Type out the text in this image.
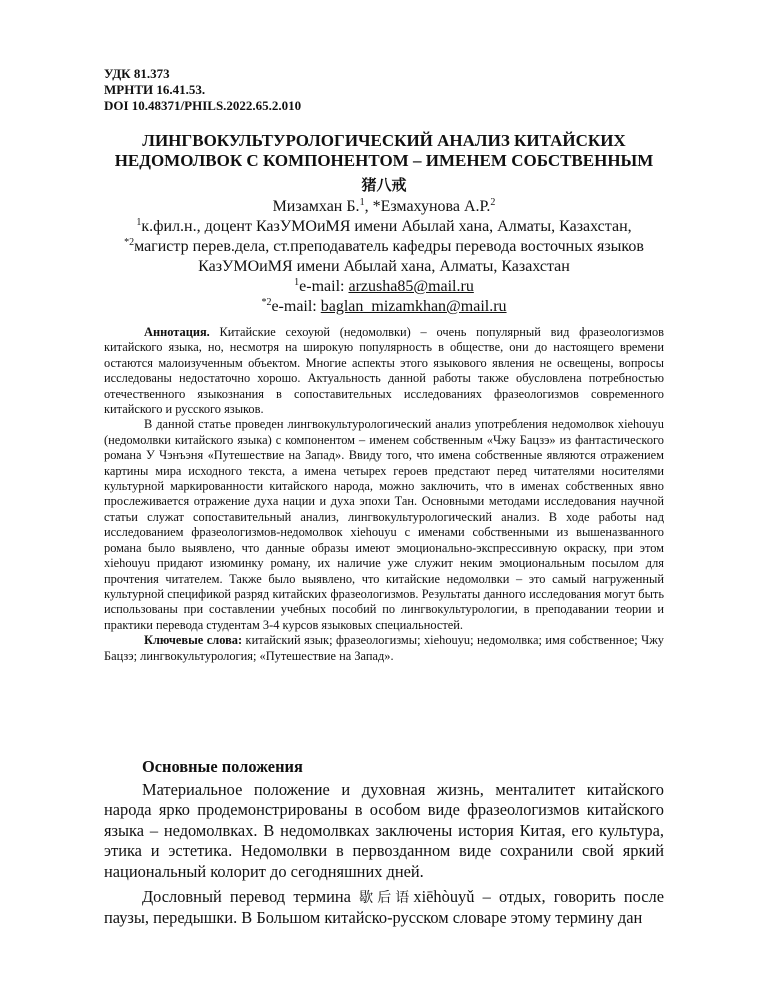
УДК 81.373
МРНТИ 16.41.53.
DOI 10.48371/PHILS.2022.65.2.010
ЛИНГВОКУЛЬТУРОЛОГИЧЕСКИЙ АНАЛИЗ КИТАЙСКИХ
НЕДОМОЛВОК С КОМПОНЕНТОМ – ИМЕНЕМ СОБСТВЕННЫМ
猪八戒
Мизамхан Б.$^1$, *Езмахунова А.Р.$^2$
$^1$к.фил.н., доцент КазУМОиМЯ имени Абылай хана, Алматы, Казахстан,
$^{*2}$магистр перев.дела, ст.преподаватель кафедры перевода восточных языков
КазУМОиМЯ имени Абылай хана, Алматы, Казахстан
$^1$e-mail: arzusha85@mail.ru
$^{*2}$e-mail: baglan_mizamkhan@mail.ru

Аннотация. Китайские сехоуюй (недомолвки) – очень популярный вид фразеологизмов китайского языка, но, несмотря на широкую популярность в обществе, они до настоящего времени остаются малоизученным объектом. Многие аспекты этого языкового явления не освещены, вопросы исследованы недостаточно хорошо. Актуальность данной работы также обусловлена потребностью отечественного языкознания в сопоставительных исследованиях фразеологизмов современного китайского и русского языков.

В данной статье проведен лингвокультурологический анализ употребления недомолвок xiehouyu (недомолвки китайского языка) с компонентом – именем собственным «Чжу Бацзэ» из фантастического романа У Чэнъэня «Путешествие на Запад». Ввиду того, что имена собственные являются отражением картины мира исходного текста, а имена четырех героев предстают перед читателями носителями культурной маркированности китайского народа, можно заключить, что в именах собственных явно прослеживается отражение духа нации и духа эпохи Тан. Основными методами исследования научной статьи служат сопоставительный анализ, лингвокультурологический анализ. В ходе работы над исследованием фразеологизмов-недомолвок xiehouyu с именами собственными из вышеназванного романа было выявлено, что данные образы имеют эмоционально-экспрессивную окраску, при этом xiehouyu придают изюминку роману, их наличие уже служит неким эмоциональным посылом для прочтения читателем. Также было выявлено, что китайские недомолвки – это самый нагруженный культурной спецификой разряд китайских фразеологизмов. Результаты данного исследования могут быть использованы при составлении учебных пособий по лингвокультурологии, в преподавании теории и практики перевода студентам 3-4 курсов языковых специальностей.

Ключевые слова: китайский язык; фразеологизмы; xiehouyu; недомолвка; имя собственное; Чжу Бацзэ; лингвокультурология; «Путешествие на Запад».

Основные положения

Материальное положение и духовная жизнь, менталитет китайского народа ярко продемонстрированы в особом виде фразеологизмов китайского языка – недомолвках. В недомолвках заключены история Китая, его культура, этика и эстетика. Недомолвки в первозданном виде сохранили свой яркий национальный колорит до сегодняшних дней.

Дословный перевод термина 歇后语xiēhòuyǔ – отдых, говорить после паузы, передышки. В Большом китайско-русском словаре этому термину дан
